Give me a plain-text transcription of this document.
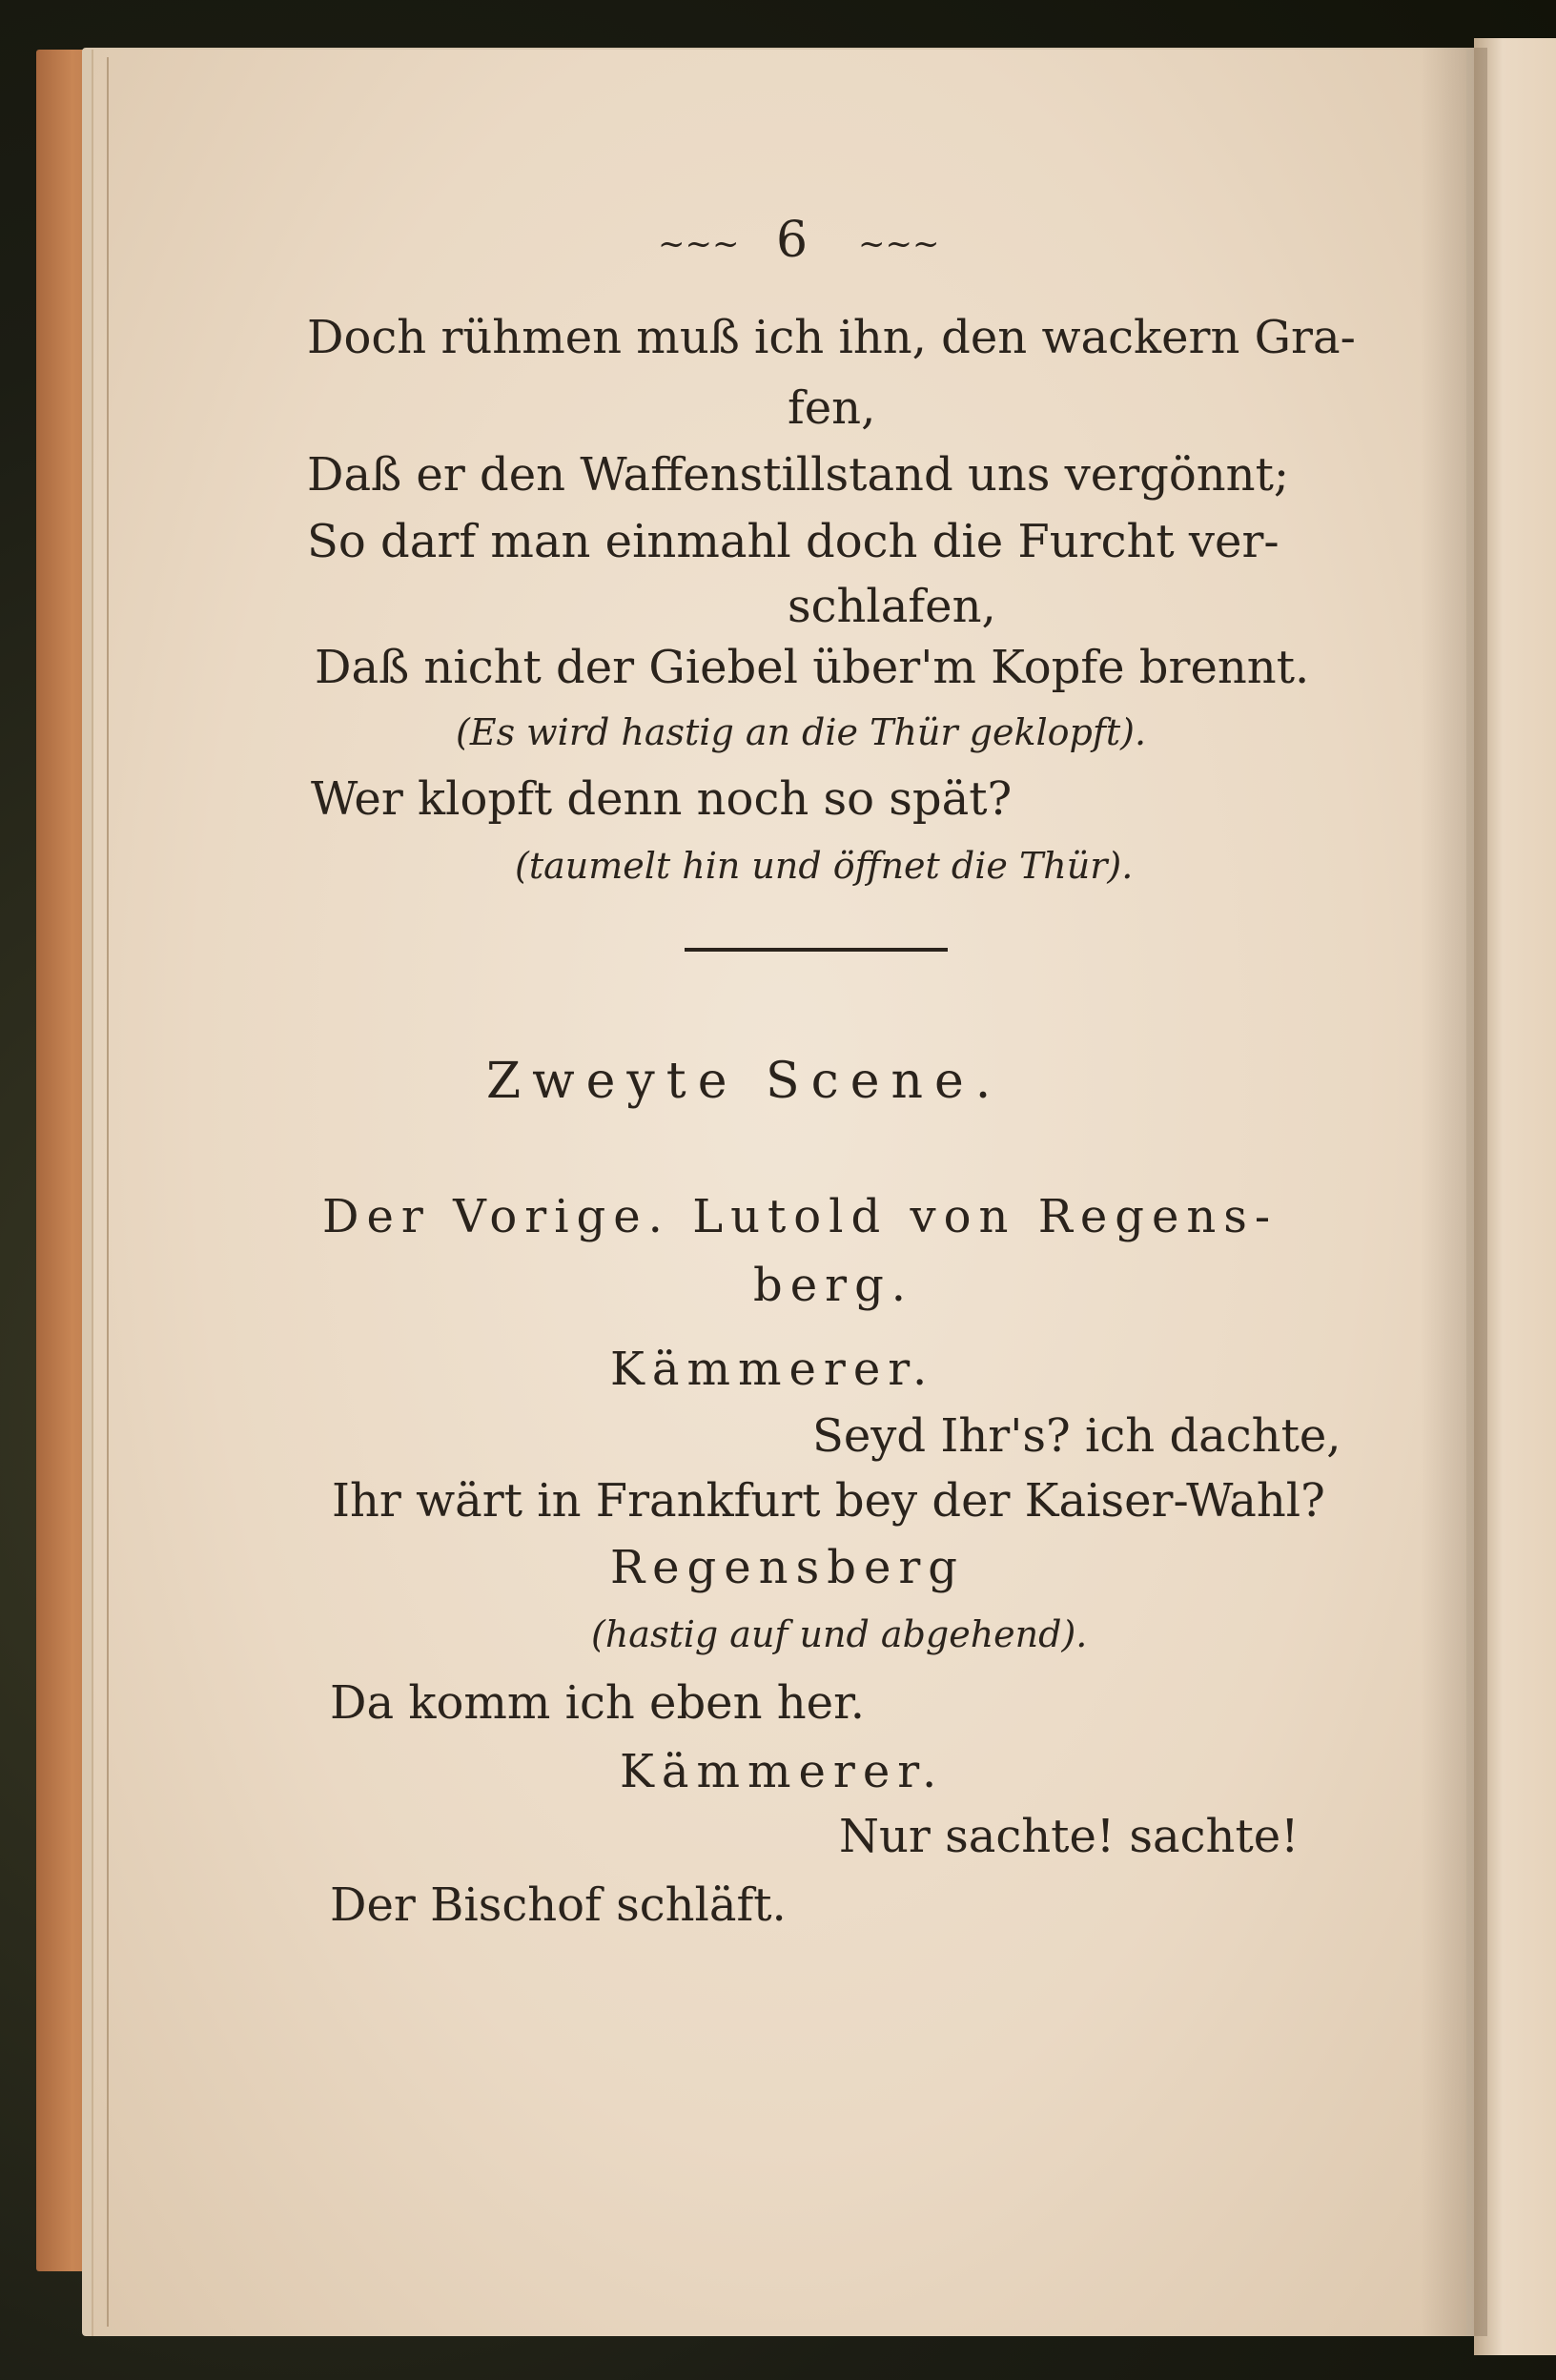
~~~ 6 ~~~
Doch rühmen muß ich ihn, den wackern Gra-
fen,
Daß er den Waffenstillstand uns vergönnt;
So darf man einmahl doch die Furcht ver-
schlafen,
Daß nicht der Giebel über'm Kopfe brennt.
(Es wird hastig an die Thür geklopft).
Wer klopft denn noch so spät?
(taumelt hin und öffnet die Thür).
Zweyte Scene.
Der Vorige. Lutold von Regens-
berg.
Kämmerer.
Seyd Ihr's? ich dachte,
Ihr wärt in Frankfurt bey der Kaiser-Wahl?
Regensberg
(hastig auf und abgehend).
Da komm ich eben her.
Kämmerer.
Nur sachte! sachte!
Der Bischof schläft.
